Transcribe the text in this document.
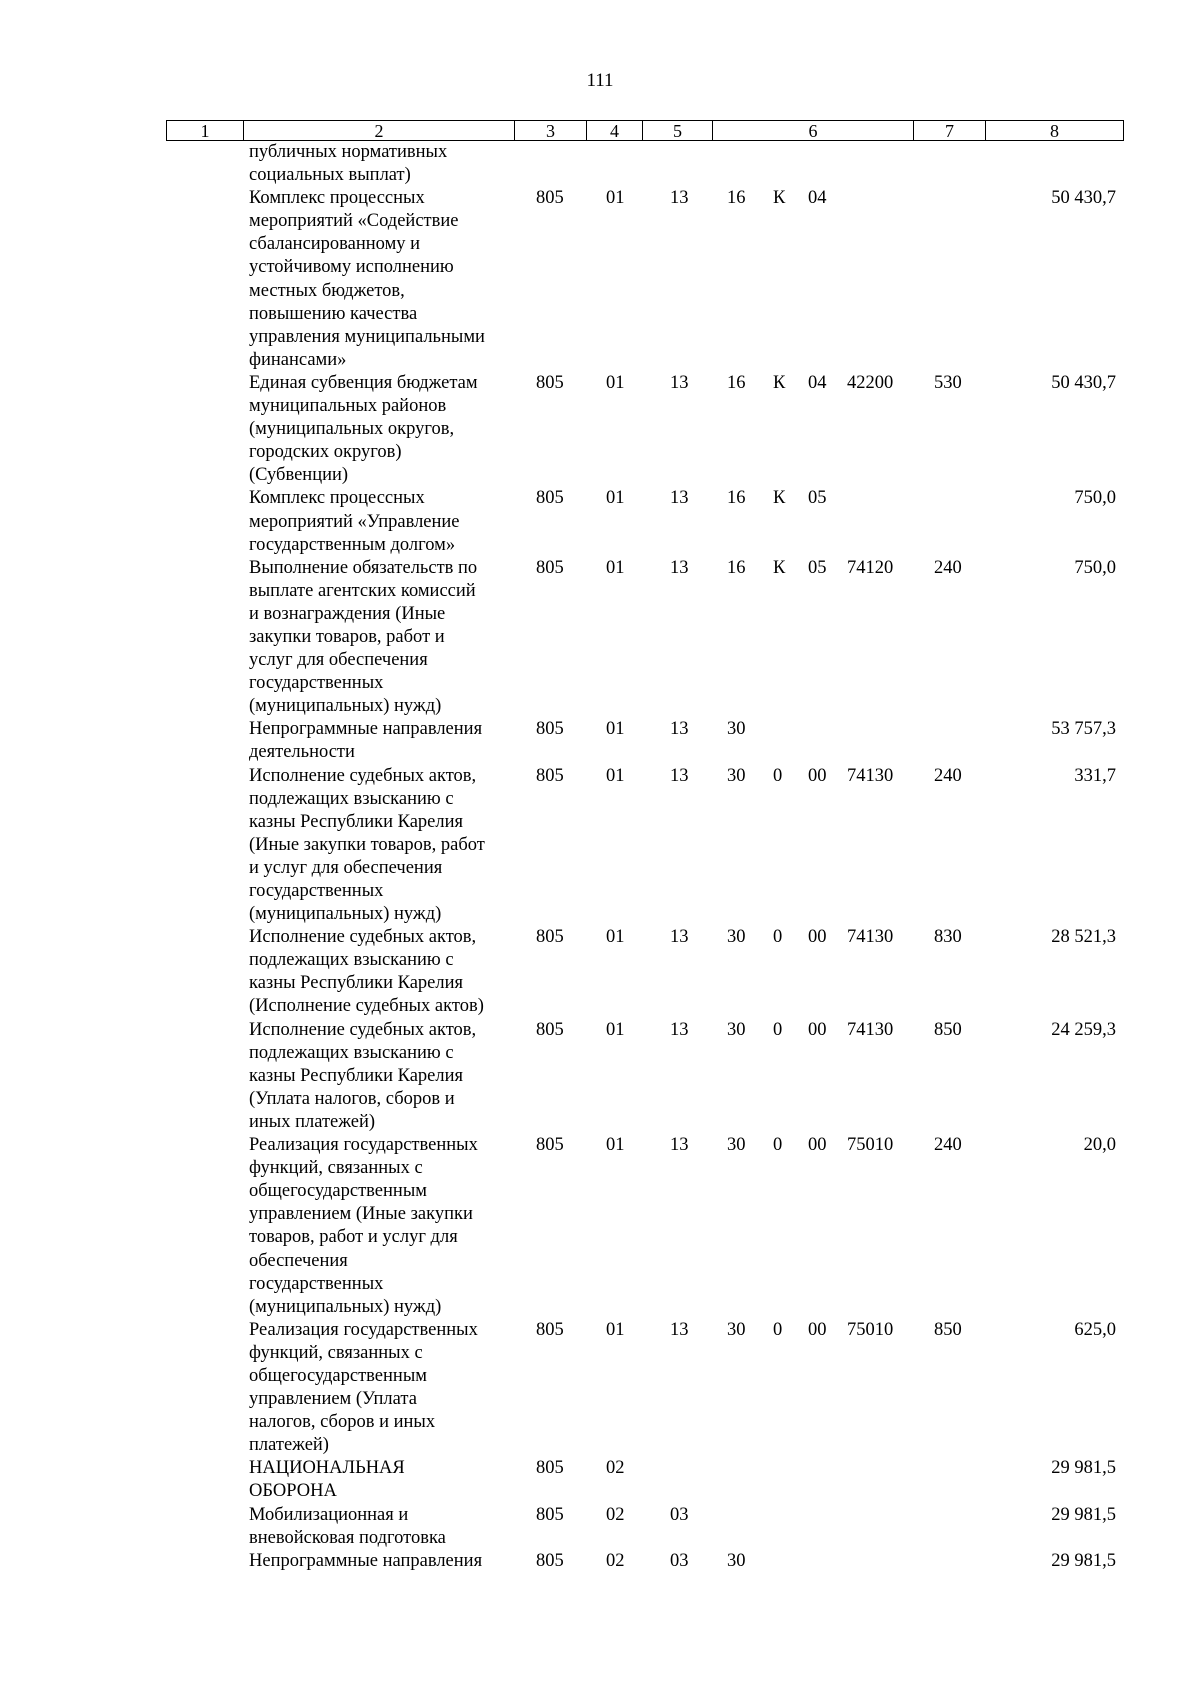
111
1	2	3	4	5	6	7	8
публичных нормативных
социальных выплат)
Комплекс процессных
мероприятий «Содействие
сбалансированному и
устойчивому исполнению
местных бюджетов,
повышению качества
управления муниципальными
финансами»
805 01 13 16 К 04	50 430,7
Единая субвенция бюджетам
муниципальных районов
(муниципальных округов,
городских округов)
(Субвенции)
805 01 13 16 К 04 42200 530	50 430,7
Комплекс процессных
мероприятий «Управление
государственным долгом»
805 01 13 16 К 05	750,0
Выполнение обязательств по
выплате агентских комиссий
и вознаграждения (Иные
закупки товаров, работ и
услуг для обеспечения
государственных
(муниципальных) нужд)
805 01 13 16 К 05 74120 240	750,0
Непрограммные направления
деятельности
805 01 13 30	53 757,3
Исполнение судебных актов,
подлежащих взысканию с
казны Республики Карелия
(Иные закупки товаров, работ
и услуг для обеспечения
государственных
(муниципальных) нужд)
805 01 13 30 0 00 74130 240	331,7
Исполнение судебных актов,
подлежащих взысканию с
казны Республики Карелия
(Исполнение судебных актов)
805 01 13 30 0 00 74130 830	28 521,3
Исполнение судебных актов,
подлежащих взысканию с
казны Республики Карелия
(Уплата налогов, сборов и
иных платежей)
805 01 13 30 0 00 74130 850	24 259,3
Реализация государственных
функций, связанных с
общегосударственным
управлением (Иные закупки
товаров, работ и услуг для
обеспечения
государственных
(муниципальных) нужд)
805 01 13 30 0 00 75010 240	20,0
Реализация государственных
функций, связанных с
общегосударственным
управлением (Уплата
налогов, сборов и иных
платежей)
805 01 13 30 0 00 75010 850	625,0
НАЦИОНАЛЬНАЯ
ОБОРОНА
805 02	29 981,5
Мобилизационная и
вневойсковая подготовка
805 02 03	29 981,5
Непрограммные направления	805 02 03 30	29 981,5
